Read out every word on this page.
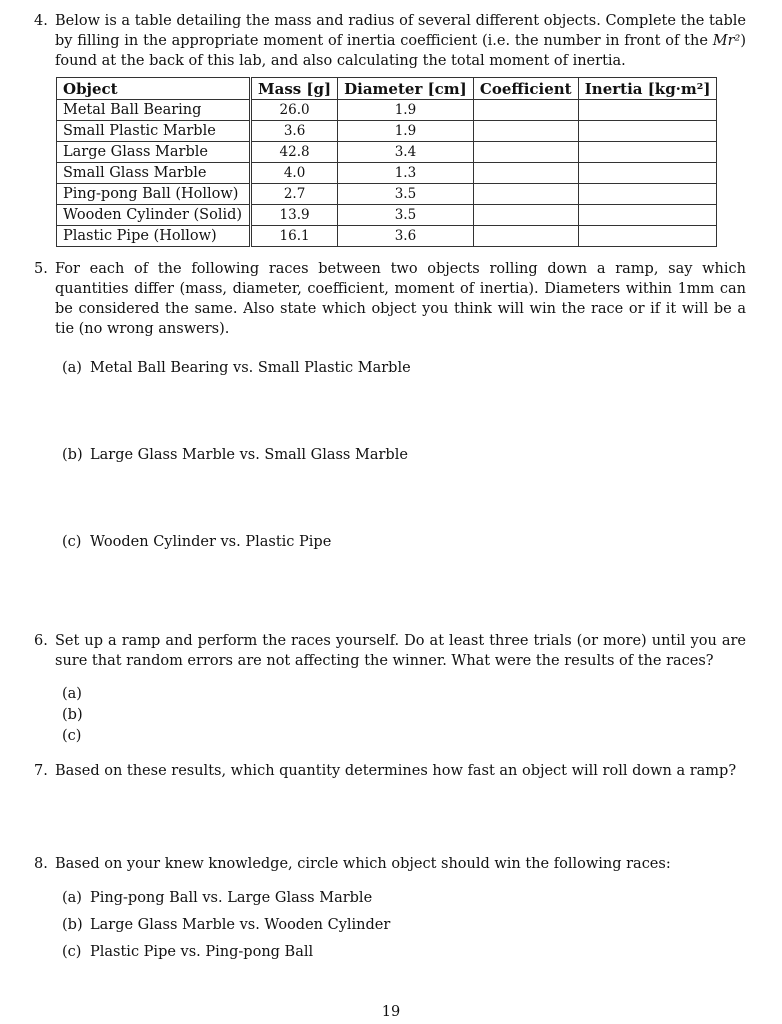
4. Below is a table detailing the mass and radius of several different objects. Complete the table by filling in the appropriate moment of inertia coefficient (i.e. the number in front of the Mr²) found at the back of this lab, and also calculating the total moment of inertia.
Object	Mass [g]	Diameter [cm]	Coefficient	Inertia [kg·m²]
Metal Ball Bearing	26.0	1.9		
Small Plastic Marble	3.6	1.9		
Large Glass Marble	42.8	3.4		
Small Glass Marble	4.0	1.3		
Ping-pong Ball (Hollow)	2.7	3.5		
Wooden Cylinder (Solid)	13.9	3.5		
Plastic Pipe (Hollow)	16.1	3.6		
5. For each of the following races between two objects rolling down a ramp, say which quantities differ (mass, diameter, coefficient, moment of inertia). Diameters within 1mm can be considered the same. Also state which object you think will win the race or if it will be a tie (no wrong answers).
(a) Metal Ball Bearing vs. Small Plastic Marble
(b) Large Glass Marble vs. Small Glass Marble
(c) Wooden Cylinder vs. Plastic Pipe
6. Set up a ramp and perform the races yourself. Do at least three trials (or more) until you are sure that random errors are not affecting the winner. What were the results of the races?
(a)
(b)
(c)
7. Based on these results, which quantity determines how fast an object will roll down a ramp?
8. Based on your knew knowledge, circle which object should win the following races:
(a) Ping-pong Ball vs. Large Glass Marble
(b) Large Glass Marble vs. Wooden Cylinder
(c) Plastic Pipe vs. Ping-pong Ball
19
